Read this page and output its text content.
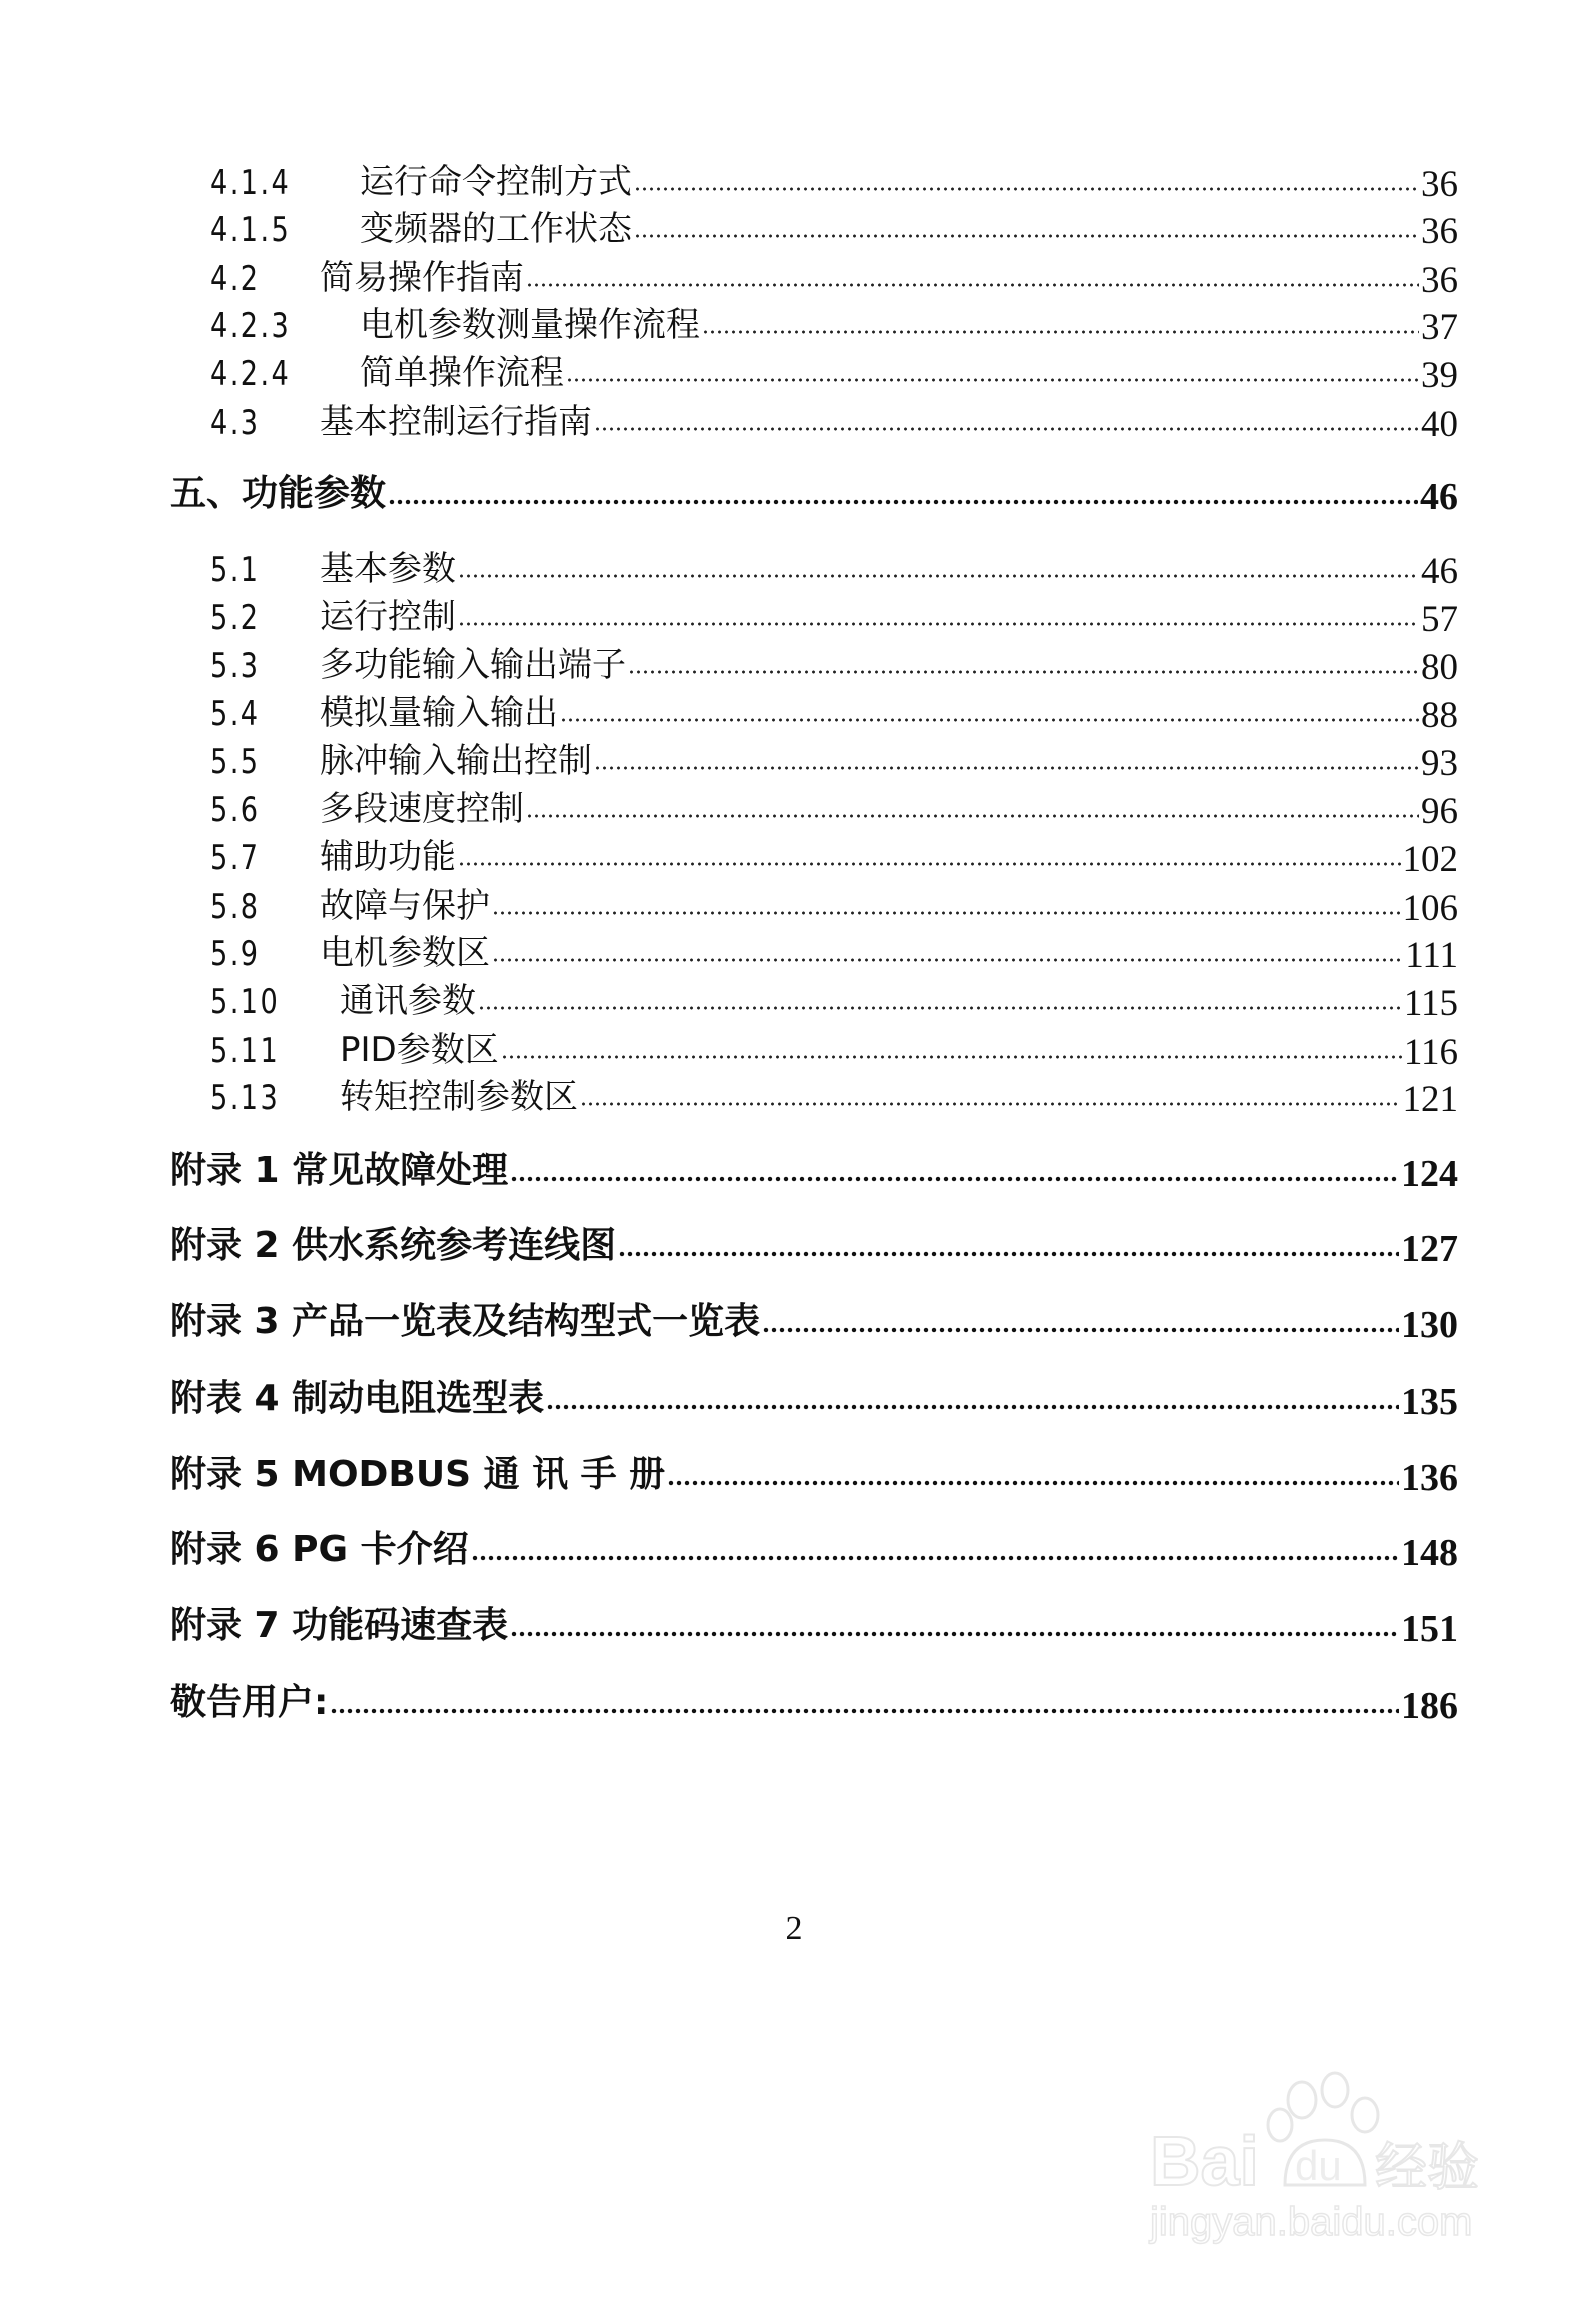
4.1.4	运行命令控制方式	36
4.1.5	变频器的工作状态	36
4.2	简易操作指南	36
4.2.3	电机参数测量操作流程	37
4.2.4	简单操作流程	39
4.3	基本控制运行指南	40
五、功能参数	46
5.1	基本参数	46
5.2	运行控制	57
5.3	多功能输入输出端子	80
5.4	模拟量输入输出	88
5.5	脉冲输入输出控制	93
5.6	多段速度控制	96
5.7	辅助功能	102
5.8	故障与保护	106
5.9	电机参数区	111
5.10	通讯参数	115
5.11	PID参数区	116
5.13	转矩控制参数区	121
附录 1 常见故障处理	124
附录 2 供水系统参考连线图	127
附录 3 产品一览表及结构型式一览表	130
附表 4 制动电阻选型表	135
附录 5 MODBUS 通 讯 手 册	136
附录 6 PG 卡介绍	148
附录 7 功能码速查表	151
敬告用户:	186
2
Bai du 经验
jingyan.baidu.com
